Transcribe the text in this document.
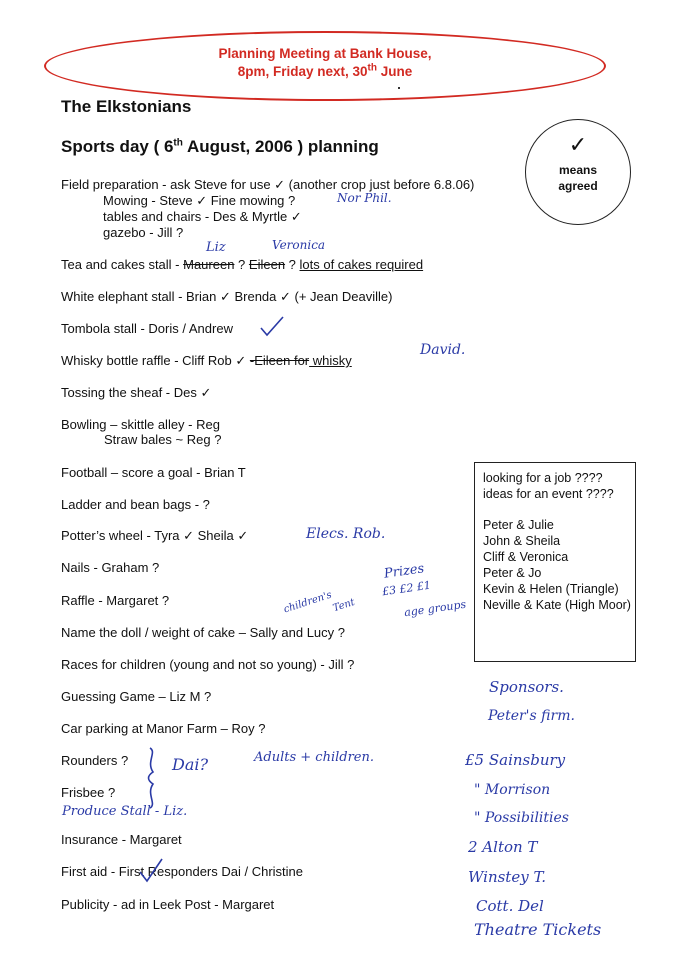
Planning Meeting at Bank House,
8pm, Friday next, 30th June
The Elkstonians
Sports day ( 6th August, 2006 ) planning	✓
means
agreed
Field preparation - ask Steve for use ✓ (another crop just before 6.8.06)
Mowing - Steve ✓ Fine mowing ?
tables and chairs - Des & Myrtle ✓
gazebo - Jill ?
Tea and cakes stall - Maureen ? Eileen ? lots of cakes required
White elephant stall - Brian ✓ Brenda ✓ (+ Jean Deaville)
Tombola stall - Doris / Andrew
Whisky bottle raffle - Cliff Rob ✓ -Eileen for whisky
Tossing the sheaf - Des ✓
Bowling – skittle alley - Reg
Straw bales ~ Reg ?
Football – score a goal - Brian T
Ladder and bean bags - ?
Potter’s wheel - Tyra ✓ Sheila ✓
Nails - Graham ?
Raffle - Margaret ?
Name the doll / weight of cake – Sally and Lucy ?
Races for children (young and not so young) - Jill ?
Guessing Game – Liz M ?
Car parking at Manor Farm – Roy ?
Rounders ?
Frisbee ?
Insurance - Margaret
First aid - First Responders Dai / Christine
Publicity - ad in Leek Post - Margaret
looking for a job ????
ideas for an event ????
Peter & Julie
John & Sheila
Cliff & Veronica
Peter & Jo
Kevin & Helen (Triangle)
Neville & Kate (High Moor)
Nor Phil.
Liz	Veronica
David.
Elecs. Rob.
Prizes
£3 £2 £1
age groups
children's
Tent
Dai?	Adults + children.
Produce Stall - Liz.
Sponsors.
Peter's firm.
£5 Sainsbury
" Morrison
" Possibilities
2 Alton T
Winstey T.
Cott. Del
Theatre Tickets
